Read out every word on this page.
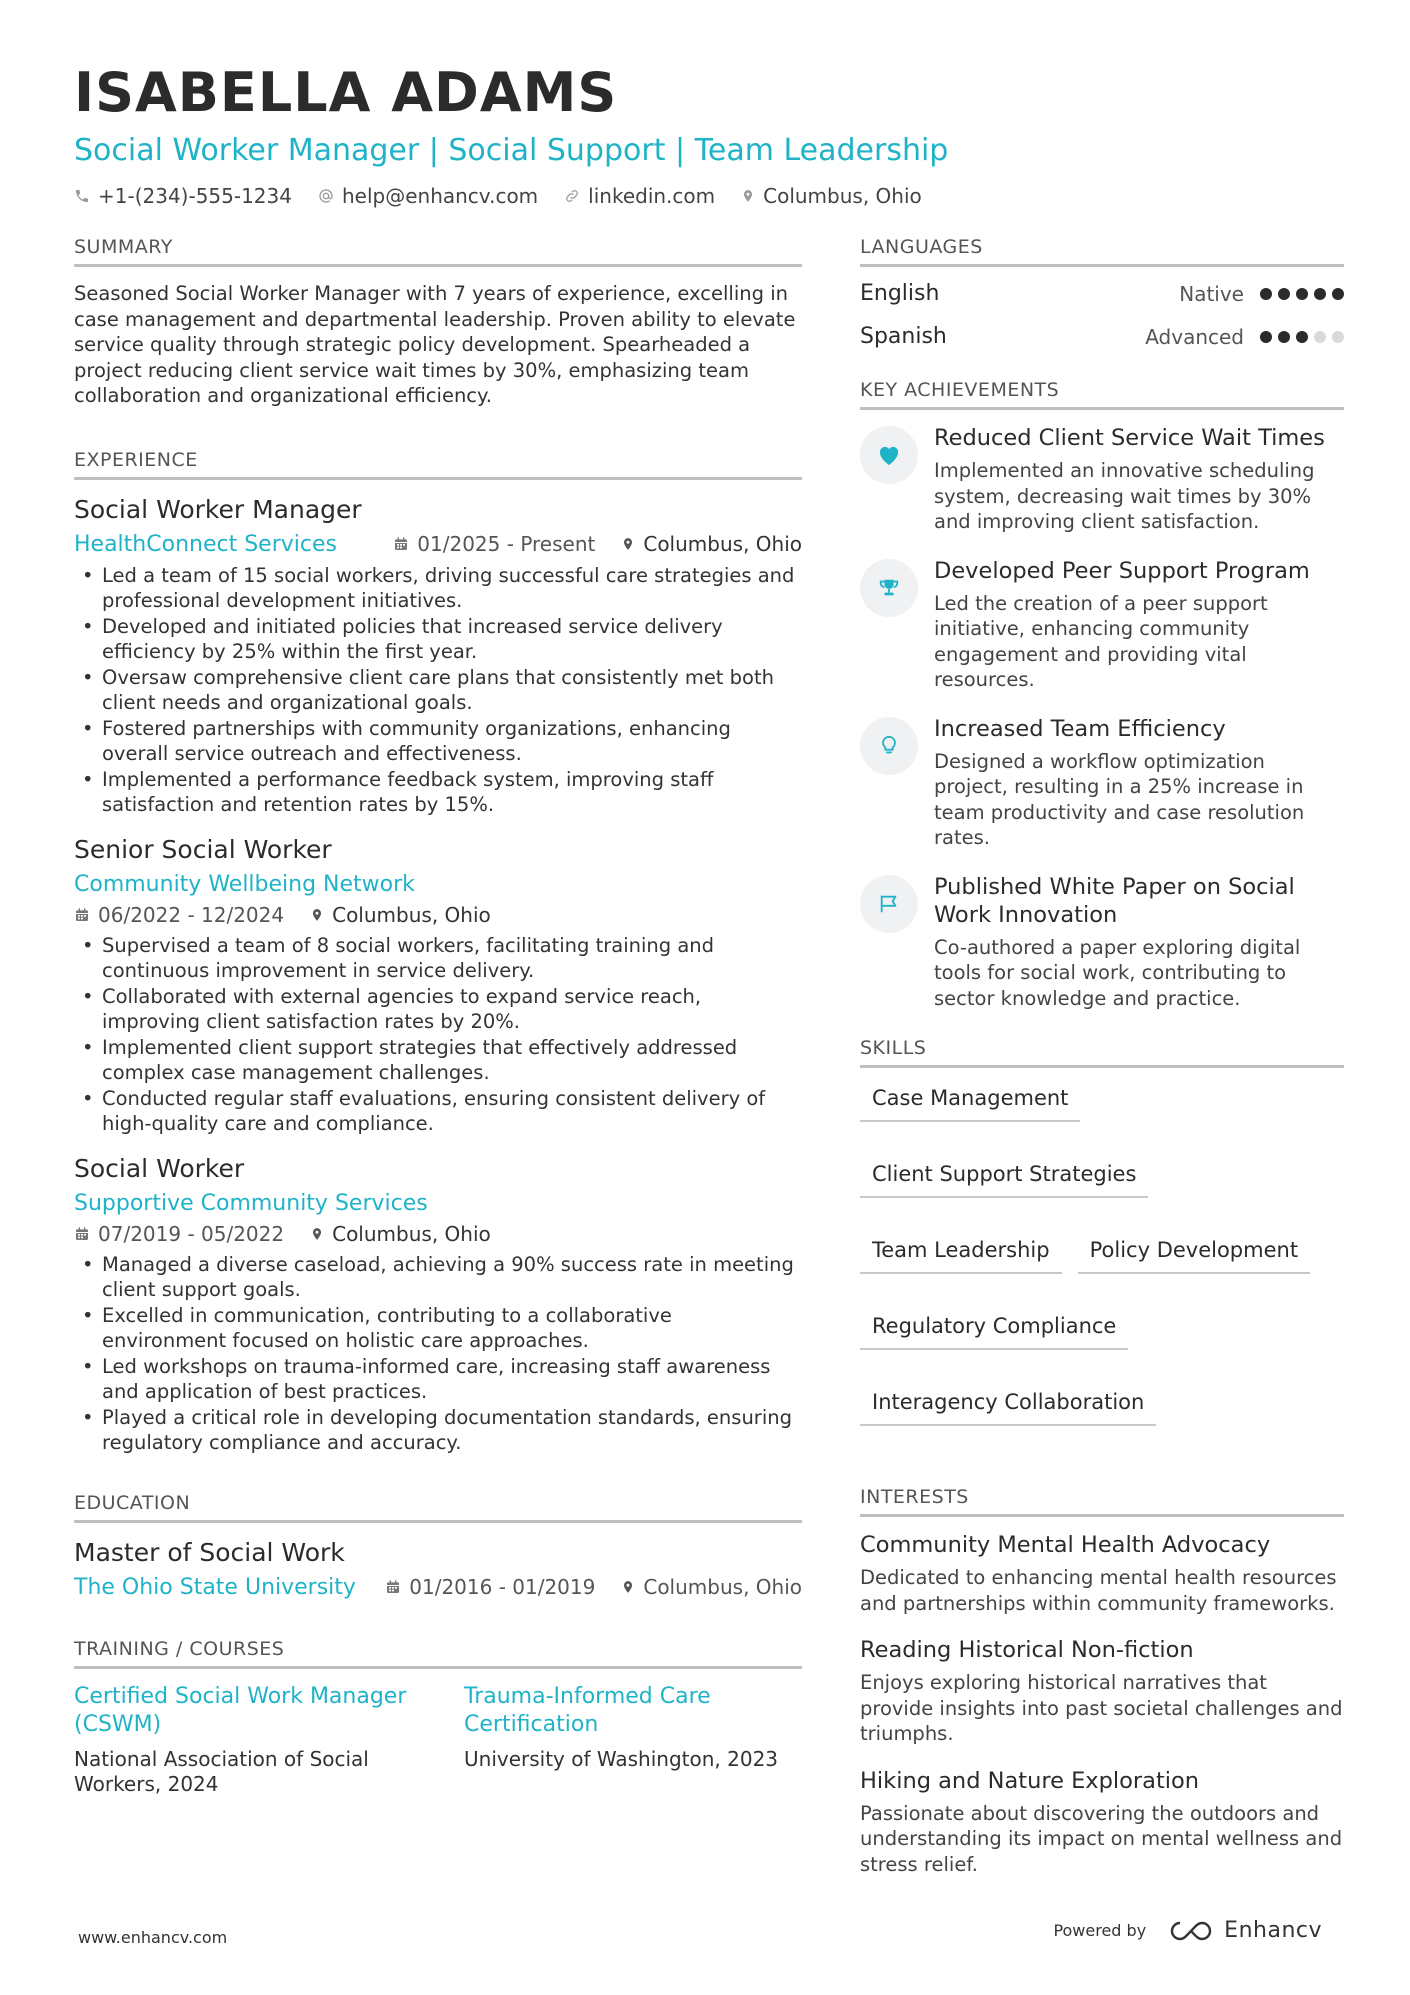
ISABELLA ADAMS
Social Worker Manager | Social Support | Team Leadership
+1-(234)-555-1234	help@enhancv.com	linkedin.com Columbus, Ohio
SUMMARY

Seasoned Social Worker Manager with 7 years of experience, excelling in case management and departmental leadership. Proven ability to elevate service quality through strategic policy development. Spearheaded a project reducing client service wait times by 30%, emphasizing team collaboration and organizational efficiency.

EXPERIENCE
Social Worker Manager
HealthConnect Services	01/2025 - Present Columbus, Ohio
• Led a team of 15 social workers, driving successful care strategies and professional development initiatives.
• Developed and initiated policies that increased service delivery efficiency by 25% within the first year.
• Oversaw comprehensive client care plans that consistently met both client needs and organizational goals.
• Fostered partnerships with community organizations, enhancing overall service outreach and effectiveness.
• Implemented a performance feedback system, improving staff satisfaction and retention rates by 15%.
Senior Social Worker
Community Wellbeing Network
06/2022 - 12/2024 Columbus, Ohio
• Supervised a team of 8 social workers, facilitating training and continuous improvement in service delivery.
• Collaborated with external agencies to expand service reach, improving client satisfaction rates by 20%.
• Implemented client support strategies that effectively addressed complex case management challenges.
• Conducted regular staff evaluations, ensuring consistent delivery of high-quality care and compliance.
Social Worker
Supportive Community Services
07/2019 - 05/2022 Columbus, Ohio
• Managed a diverse caseload, achieving a 90% success rate in meeting client support goals.
• Excelled in communication, contributing to a collaborative environment focused on holistic care approaches.
• Led workshops on trauma-informed care, increasing staff awareness and application of best practices.
• Played a critical role in developing documentation standards, ensuring regulatory compliance and accuracy.
EDUCATION
Master of Social Work
The Ohio State University	01/2016 - 01/2019 Columbus, Ohio
TRAINING / COURSES
Certified Social Work Manager (CSWM)
National Association of Social Workers, 2024
Trauma-Informed Care Certification
University of Washington, 2023
LANGUAGES
English	Native
Spanish	Advanced
KEY ACHIEVEMENTS
Reduced Client Service Wait Times
Implemented an innovative scheduling system, decreasing wait times by 30% and improving client satisfaction.
Developed Peer Support Program
Led the creation of a peer support initiative, enhancing community engagement and providing vital resources.
Increased Team Efficiency
Designed a workflow optimization project, resulting in a 25% increase in team productivity and case resolution rates.
Published White Paper on Social Work Innovation
Co-authored a paper exploring digital tools for social work, contributing to sector knowledge and practice.
SKILLS
Case Management
Client Support Strategies
Team Leadership	Policy Development
Regulatory Compliance
Interagency Collaboration
INTERESTS
Community Mental Health Advocacy
Dedicated to enhancing mental health resources and partnerships within community frameworks.
Reading Historical Non-fiction
Enjoys exploring historical narratives that provide insights into past societal challenges and triumphs.
Hiking and Nature Exploration
Passionate about discovering the outdoors and understanding its impact on mental wellness and stress relief.
www.enhancv.com	Powered by	Enhancv
